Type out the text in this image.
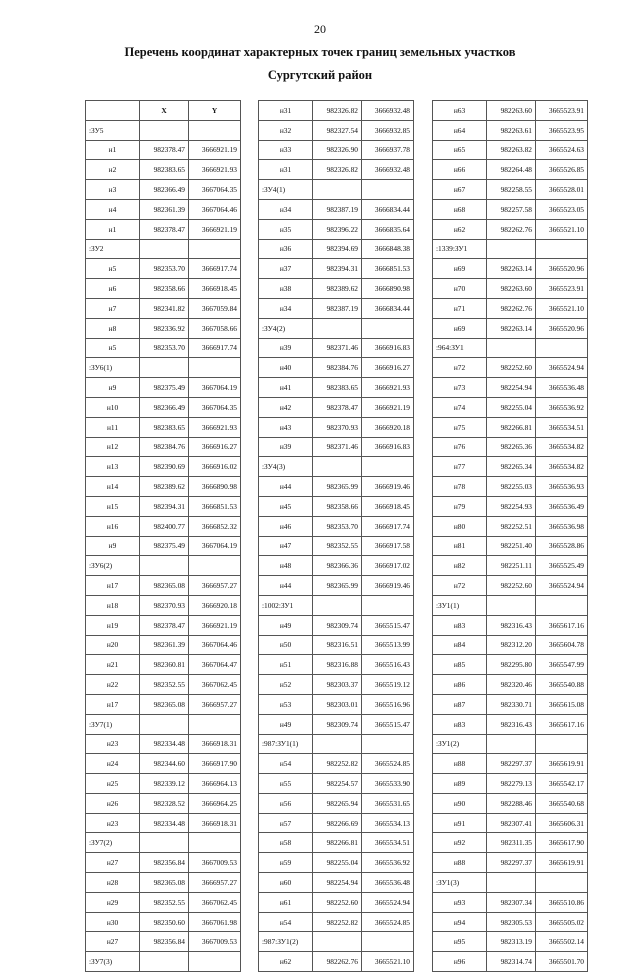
20
Перечень координат характерных точек границ земельных участков
Сургутский район
	X	Y
:ЗУ5		
н1	982378.47	3666921.19
н2	982383.65	3666921.93
н3	982366.49	3667064.35
н4	982361.39	3667064.46
н1	982378.47	3666921.19
:ЗУ2		
н5	982353.70	3666917.74
н6	982358.66	3666918.45
н7	982341.82	3667059.84
н8	982336.92	3667058.66
н5	982353.70	3666917.74
:ЗУ6(1)		
н9	982375.49	3667064.19
н10	982366.49	3667064.35
н11	982383.65	3666921.93
н12	982384.76	3666916.27
н13	982390.69	3666916.02
н14	982389.62	3666890.98
н15	982394.31	3666851.53
н16	982400.77	3666852.32
н9	982375.49	3667064.19
:ЗУ6(2)		
н17	982365.08	3666957.27
н18	982370.93	3666920.18
н19	982378.47	3666921.19
н20	982361.39	3667064.46
н21	982360.81	3667064.47
н22	982352.55	3667062.45
н17	982365.08	3666957.27
:ЗУ7(1)		
н23	982334.48	3666918.31
н24	982344.60	3666917.90
н25	982339.12	3666964.13
н26	982328.52	3666964.25
н23	982334.48	3666918.31
:ЗУ7(2)		
н27	982356.84	3667009.53
н28	982365.08	3666957.27
н29	982352.55	3667062.45
н30	982350.60	3667061.98
н27	982356.84	3667009.53
:ЗУ7(3)		
н31	982326.82	3666932.48
н32	982327.54	3666932.85
н33	982326.90	3666937.78
н31	982326.82	3666932.48
:ЗУ4(1)		
н34	982387.19	3666834.44
н35	982396.22	3666835.64
н36	982394.69	3666848.38
н37	982394.31	3666851.53
н38	982389.62	3666890.98
н34	982387.19	3666834.44
:ЗУ4(2)		
н39	982371.46	3666916.83
н40	982384.76	3666916.27
н41	982383.65	3666921.93
н42	982378.47	3666921.19
н43	982370.93	3666920.18
н39	982371.46	3666916.83
:ЗУ4(3)		
н44	982365.99	3666919.46
н45	982358.66	3666918.45
н46	982353.70	3666917.74
н47	982352.55	3666917.58
н48	982366.36	3666917.02
н44	982365.99	3666919.46
:1002:ЗУ1		
н49	982309.74	3665515.47
н50	982316.51	3665513.99
н51	982316.88	3665516.43
н52	982303.37	3665519.12
н53	982303.01	3665516.96
н49	982309.74	3665515.47
:987:ЗУ1(1)		
н54	982252.82	3665524.85
н55	982254.57	3665533.90
н56	982265.94	3665531.65
н57	982266.69	3665534.13
н58	982266.81	3665534.51
н59	982255.04	3665536.92
н60	982254.94	3665536.48
н61	982252.60	3665524.94
н54	982252.82	3665524.85
:987:ЗУ1(2)		
н62	982262.76	3665521.10
н63	982263.60	3665523.91
н64	982263.61	3665523.95
н65	982263.82	3665524.63
н66	982264.48	3665526.85
н67	982258.55	3665528.01
н68	982257.58	3665523.05
н62	982262.76	3665521.10
:1339:ЗУ1		
н69	982263.14	3665520.96
н70	982263.60	3665523.91
н71	982262.76	3665521.10
н69	982263.14	3665520.96
:964:ЗУ1		
н72	982252.60	3665524.94
н73	982254.94	3665536.48
н74	982255.04	3665536.92
н75	982266.81	3665534.51
н76	982265.36	3665534.82
н77	982265.34	3665534.82
н78	982255.03	3665536.93
н79	982254.93	3665536.49
н80	982252.51	3665536.98
н81	982251.40	3665528.86
н82	982251.11	3665525.49
н72	982252.60	3665524.94
:ЗУ1(1)		
н83	982316.43	3665617.16
н84	982312.20	3665604.78
н85	982295.80	3665547.99
н86	982320.46	3665540.88
н87	982330.71	3665615.08
н83	982316.43	3665617.16
:ЗУ1(2)		
н88	982297.37	3665619.91
н89	982279.13	3665542.17
н90	982288.46	3665540.68
н91	982307.41	3665606.31
н92	982311.35	3665617.90
н88	982297.37	3665619.91
:ЗУ1(3)		
н93	982307.34	3665510.86
н94	982305.53	3665505.02
н95	982313.19	3665502.14
н96	982314.74	3665501.70
